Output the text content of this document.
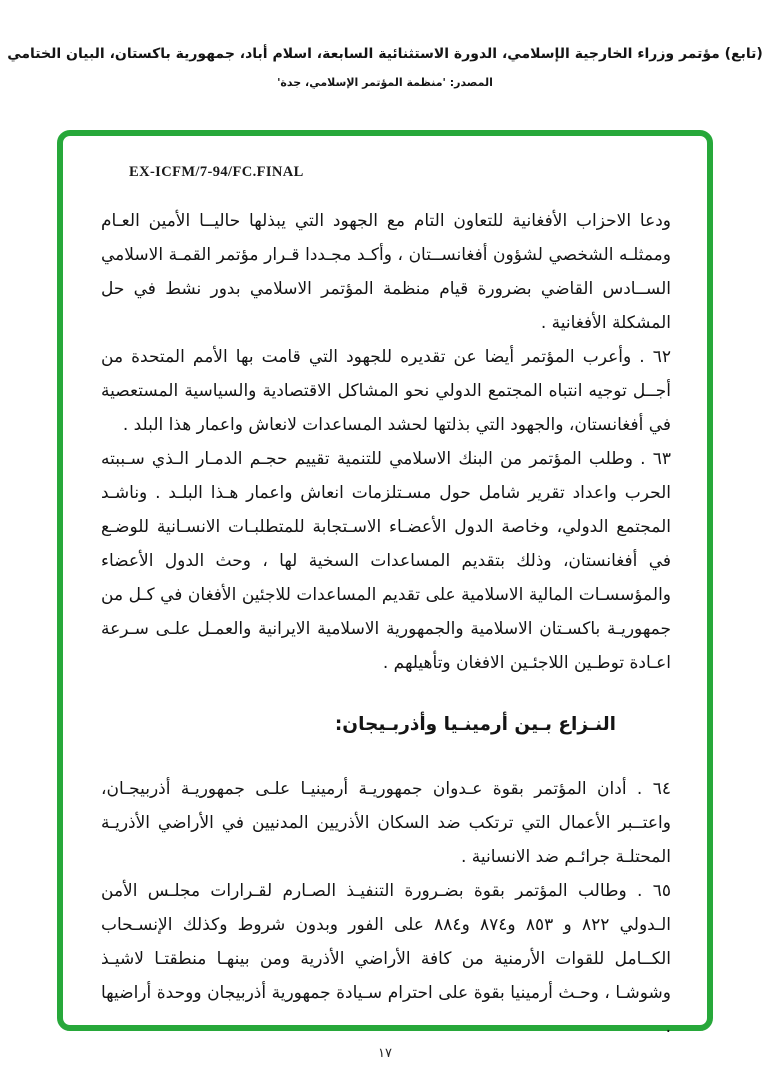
(تابع) مؤتمر وزراء الخارجية الإسلامي، الدورة الاستثنائية السابعة، اسلام أباد، جمهورية باكستان، البيان الختامي
المصدر: 'منظمة المؤتمر الإسلامي، جدة'
EX-ICFM/7-94/FC.FINAL

ودعا الاحزاب الأفغانية للتعاون التام مع الجهود التي يبذلها حاليــا الأمين العـام وممثلـه الشخصي لشؤون أفغانســتان ، وأكـد مجـددا قـرار مؤتمر القمـة الاسلامي الســادس القاضي بضرورة قيام منظمة المؤتمر الاسلامي بدور نشط في حل المشكلة الأفغانية .

٦٢ . وأعرب المؤتمر أيضا عن تقديره للجهود التي قامت بها الأمم المتحدة من أجــل توجيه انتباه المجتمع الدولي نحو المشاكل الاقتصادية والسياسية المستعصية في أفغانستان، والجهود التي بذلتها لحشد المساعدات لانعاش واعمار هذا البلد .

٦٣ . وطلب المؤتمر من البنك الاسلامي للتنمية تقييم حجـم الدمـار الـذي سـببته الحرب واعداد تقرير شامل حول مسـتلزمات انعاش واعمار هـذا البلـد . وناشـد المجتمع الدولي، وخاصة الدول الأعضـاء الاسـتجابة للمتطلبـات الانسـانية للوضـع في أفغانستان، وذلك بتقديم المساعدات السخية لها ، وحث الدول الأعضاء والمؤسسـات المالية الاسلامية على تقديم المساعدات للاجئين الأفغان في كـل من جمهوريـة باكسـتان الاسلامية والجمهورية الاسلامية الايرانية والعمـل علـى سـرعة اعـادة توطـين اللاجئـين الافغان وتأهيلهم .

النـزاع بـين أرمينـيا وأذربـيجان:

٦٤ . أدان المؤتمر بقوة عـدوان جمهوريـة أرمينيـا علـى جمهوريـة أذربيجـان، واعتــبر الأعمال التي ترتكب ضد السكان الأذريين المدنيين في الأراضي الأذريـة المحتلـة جرائـم ضد الانسانية .

٦٥ . وطالب المؤتمر بقوة بضـرورة التنفيـذ الصـارم لقـرارات مجلـس الأمن الـدولي ٨٢٢ و ٨٥٣ و٨٧٤ و٨٨٤ على الفور وبدون شروط وكذلك الإنسـحاب الكــامل للقوات الأرمنية من كافة الأراضي الأذرية ومن بينهـا منطقتـا لاشيـذ وشوشـا ، وحـث أرمينيا بقوة على احترام سـيادة جمهورية أذربيجان ووحدة أراضيها .

١٧
